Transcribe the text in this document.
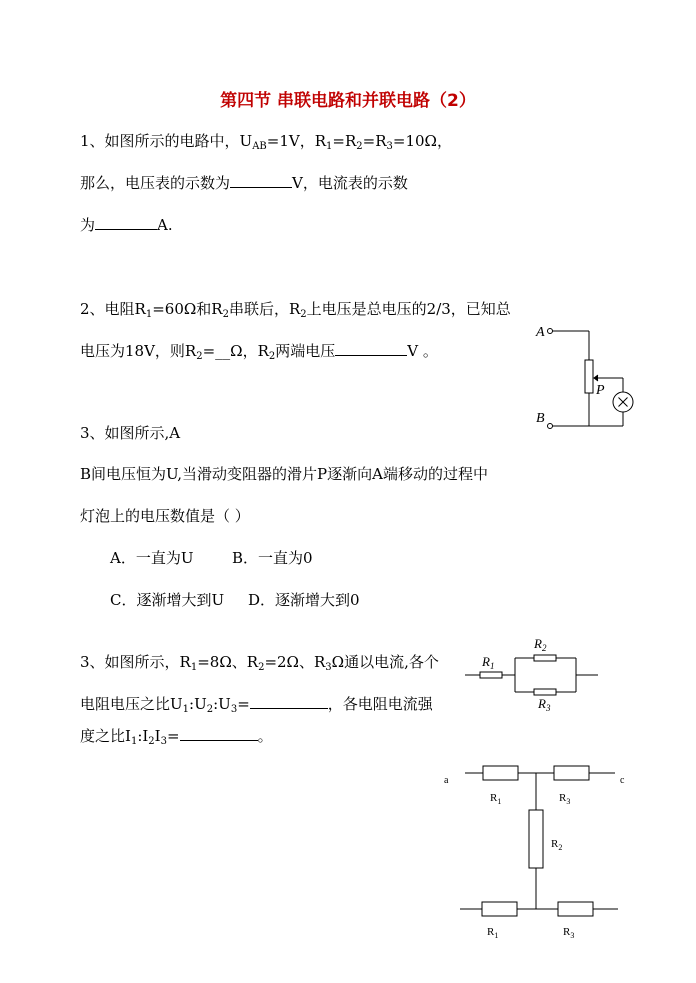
第四节 串联电路和并联电路（2）
1、如图所示的电路中，$U_{AB}=1V$，$R_1=R_2=R_3=10\Omega$，
那么，电压表的示数为	V，电流表的示数
为	A.
2、电阻$R_1=60\Omega$和$R_2$串联后，$R_2$上电压是总电压的2/3，已知总
电压为18V，则$R_2=\_\_\Omega$，$R_2$两端电压	V 。
3、如图所示,A
B间电压恒为U,当滑动变阻器的滑片P逐渐向A端移动的过程中
灯泡上的电压数值是（ ）
A．一直为U	B．一直为0
C．逐渐增大到U D．逐渐增大到0
3、如图所示，$R_1=8\Omega$、$R_2=2\Omega$、$R_3\Omega$通以电流,各个
电阻电压之比$U_1:U_2:U_3=$	，各电阻电流强
度之比$I_1:I_2I_3=$	。
A
B
P
$R_1$
$R_2$
$R_3$
a	c
$R_1$	$R_3$
$R_2$
$R_1$	$R_3$
